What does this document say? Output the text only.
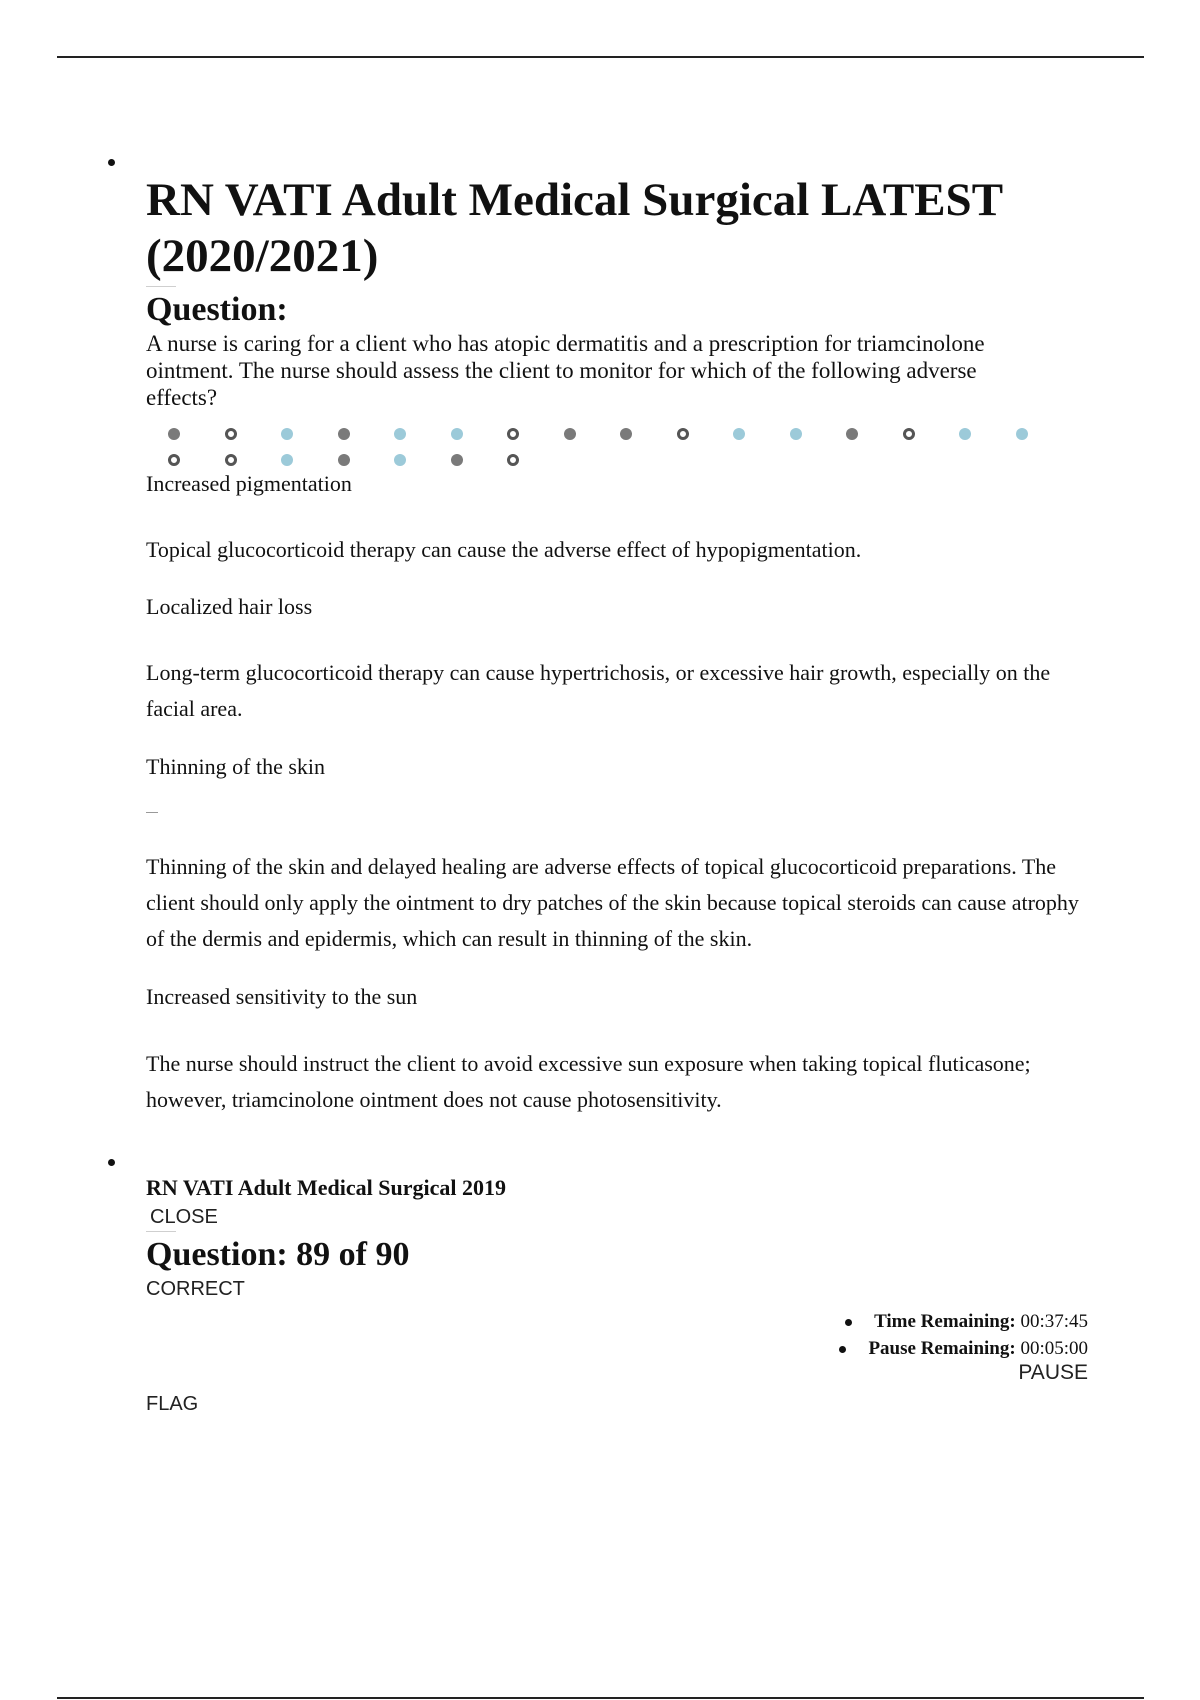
RN VATI Adult Medical Surgical LATEST (2020/2021)
Question:

A nurse is caring for a client who has atopic dermatitis and a prescription for triamcinolone ointment. The nurse should assess the client to monitor for which of the following adverse effects?

Increased pigmentation

Topical glucocorticoid therapy can cause the adverse effect of hypopigmentation.

Localized hair loss

Long-term glucocorticoid therapy can cause hypertrichosis, or excessive hair growth, especially on the facial area.

Thinning of the skin

Thinning of the skin and delayed healing are adverse effects of topical glucocorticoid preparations. The client should only apply the ointment to dry patches of the skin because topical steroids can cause atrophy of the dermis and epidermis, which can result in thinning of the skin.

Increased sensitivity to the sun

The nurse should instruct the client to avoid excessive sun exposure when taking topical fluticasone; however, triamcinolone ointment does not cause photosensitivity.

RN VATI Adult Medical Surgical 2019
CLOSE
Question: 89 of 90
CORRECT
Time Remaining: 00:37:45
Pause Remaining: 00:05:00
PAUSE
FLAG
